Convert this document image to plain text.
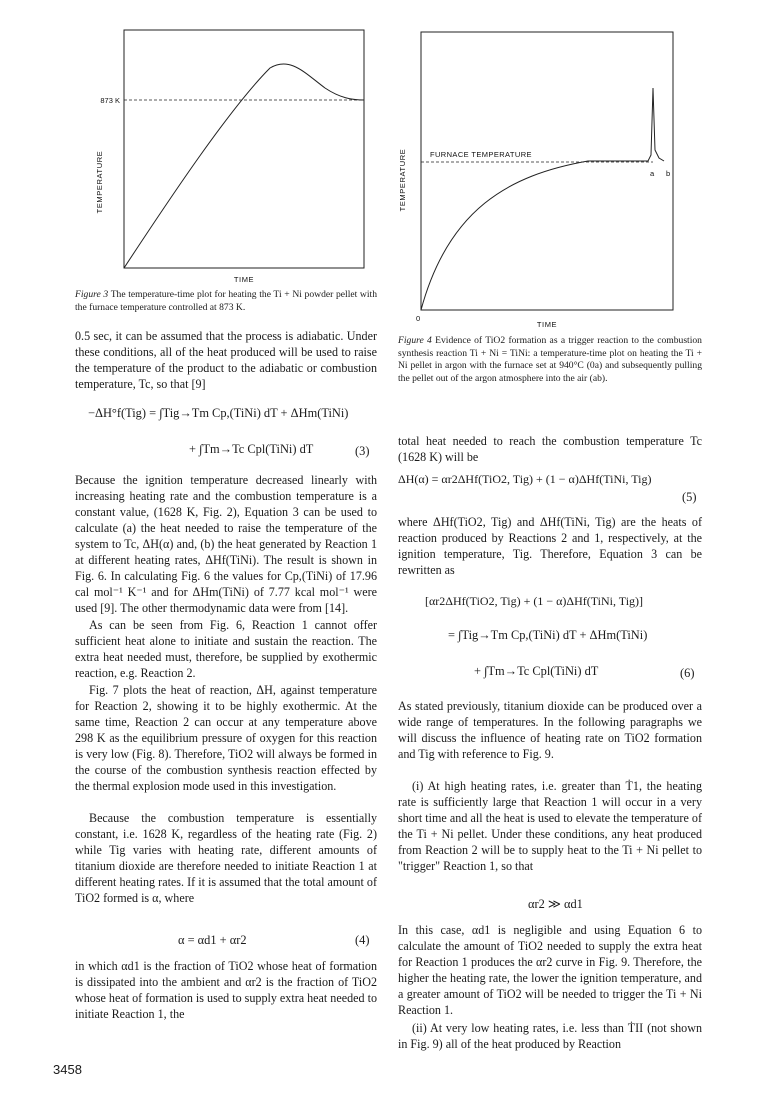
873 K
TEMPERATURE
TIME
Figure 3 The temperature-time plot for heating the Ti + Ni powder pellet with the furnace temperature controlled at 873 K.
FURNACE TEMPERATURE
TEMPERATURE
0
a b
TIME
Figure 4 Evidence of TiO2 formation as a trigger reaction to the combustion synthesis reaction Ti + Ni = TiNi: a temperature-time plot on heating the Ti + Ni pellet in argon with the furnace set at 940°C (0a) and subsequently pulling the pellet out of the argon atmosphere into the air (ab).

0.5 sec, it can be assumed that the process is adiabatic. Under these conditions, all of the heat produced will be used to raise the temperature of the product to the adiabatic or combustion temperature, Tc, so that [9]

−ΔH°f(Tig) = ∫Tig→Tm Cp,(TiNi) dT + ΔHm(TiNi)
+ ∫Tm→Tc Cpl(TiNi) dT	(3)

Because the ignition temperature decreased linearly with increasing heating rate and the combustion temperature is a constant value, (1628 K, Fig. 2), Equation 3 can be used to calculate (a) the heat needed to raise the temperature of the system to Tc, ΔH(α) and, (b) the heat generated by Reaction 1 at different heating rates, ΔHf(TiNi). The result is shown in Fig. 6. In calculating Fig. 6 the values for Cp,(TiNi) of 17.96 cal mol⁻¹ K⁻¹ and for ΔHm(TiNi) of 7.77 kcal mol⁻¹ were used [9]. The other thermodynamic data were from [14].

As can be seen from Fig. 6, Reaction 1 cannot offer sufficient heat alone to initiate and sustain the reaction. The extra heat needed must, therefore, be supplied by exothermic reaction, e.g. Reaction 2.

Fig. 7 plots the heat of reaction, ΔH, against temperature for Reaction 2, showing it to be highly exothermic. At the same time, Reaction 2 can occur at any temperature above 298 K as the equilibrium pressure of oxygen for this reaction is very low (Fig. 8). Therefore, TiO2 will always be formed in the course of the combustion synthesis reaction effected by the thermal explosion mode used in this investigation.

Because the combustion temperature is essentially constant, i.e. 1628 K, regardless of the heating rate (Fig. 2) while Tig varies with heating rate, different amounts of titanium dioxide are therefore needed to initiate Reaction 1 at different heating rates. If it is assumed that the total amount of TiO2 formed is α, where

α = αd1 + αr2	(4)

in which αd1 is the fraction of TiO2 whose heat of formation is dissipated into the ambient and αr2 is the fraction of TiO2 whose heat of formation is used to supply extra heat needed to initiate Reaction 1, the

total heat needed to reach the combustion temperature Tc (1628 K) will be

ΔH(α) = αr2ΔHf(TiO2, Tig) + (1 − α)ΔHf(TiNi, Tig)
(5)

where ΔHf(TiO2, Tig) and ΔHf(TiNi, Tig) are the heats of reaction produced by Reactions 2 and 1, respectively, at the ignition temperature, Tig. Therefore, Equation 3 can be rewritten as

[αr2ΔHf(TiO2, Tig) + (1 − α)ΔHf(TiNi, Tig)]
= ∫Tig→Tm Cp,(TiNi) dT + ΔHm(TiNi)
+ ∫Tm→Tc Cpl(TiNi) dT	(6)

As stated previously, titanium dioxide can be produced over a wide range of temperatures. In the following paragraphs we will discuss the influence of heating rate on TiO2 formation and Tig with reference to Fig. 9.

(i) At high heating rates, i.e. greater than Ṫ1, the heating rate is sufficiently large that Reaction 1 will occur in a very short time and all the heat is used to elevate the temperature of the Ti + Ni pellet. Under these conditions, any heat produced from Reaction 2 will be to supply heat to the Ti + Ni pellet to "trigger" Reaction 1, so that

αr2 ≫ αd1

In this case, αd1 is negligible and using Equation 6 to calculate the amount of TiO2 needed to supply the extra heat for Reaction 1 produces the αr2 curve in Fig. 9. Therefore, the higher the heating rate, the lower the ignition temperature, and a greater amount of TiO2 will be needed to trigger the Ti + Ni Reaction 1.

(ii) At very low heating rates, i.e. less than ṪII (not shown in Fig. 9) all of the heat produced by Reaction

3458
